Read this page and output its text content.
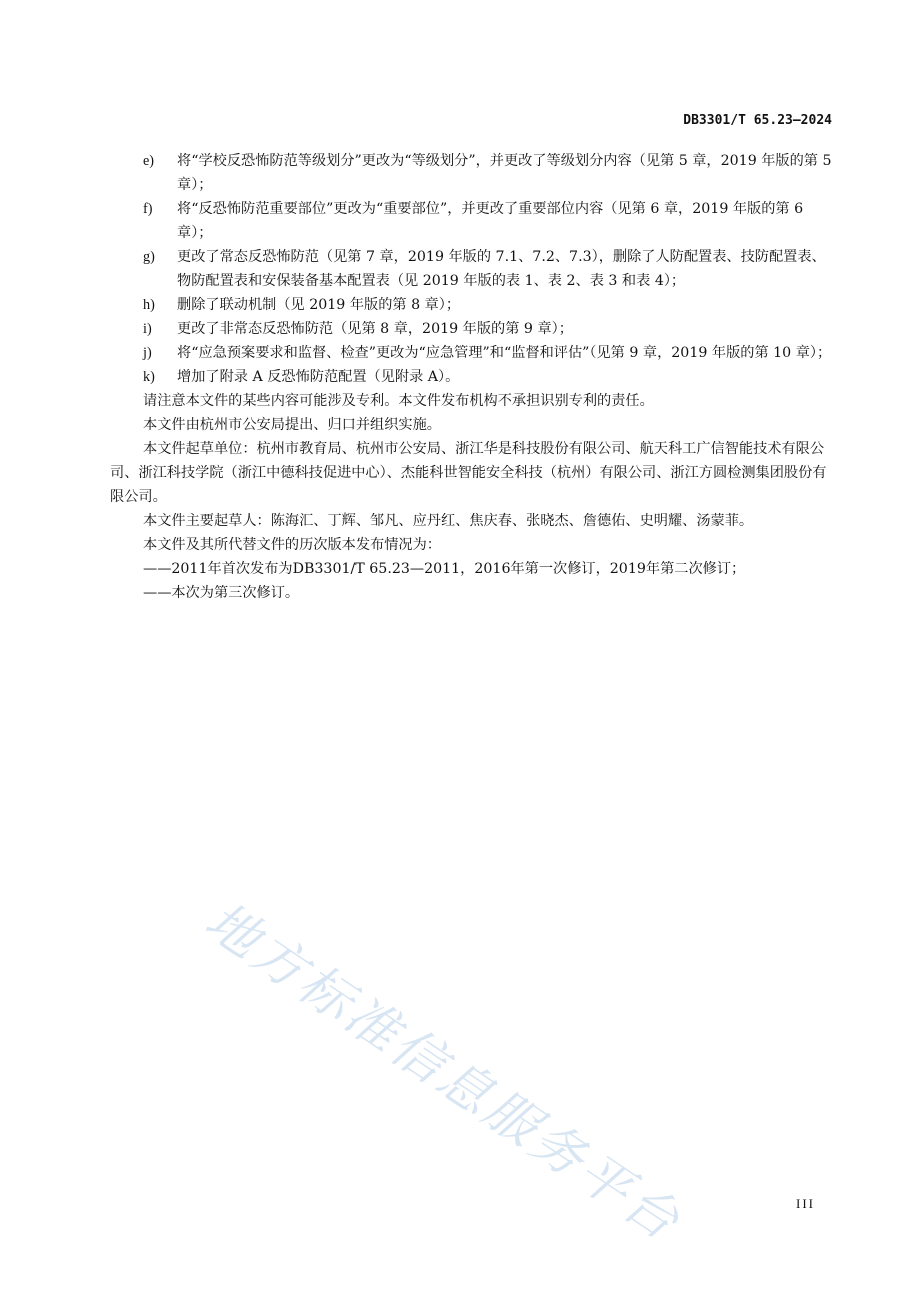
DB3301/T 65.23—2024
e)	将“学校反恐怖防范等级划分”更改为“等级划分”，并更改了等级划分内容（见第 5 章，2019 年版的第 5 章）；
f)	将“反恐怖防范重要部位”更改为“重要部位”，并更改了重要部位内容（见第 6 章，2019 年版的第 6 章）；
g)	更改了常态反恐怖防范（见第 7 章，2019 年版的 7.1、7.2、7.3），删除了人防配置表、技防配置表、物防配置表和安保装备基本配置表（见 2019 年版的表 1、表 2、表 3 和表 4）；
h)	删除了联动机制（见 2019 年版的第 8 章）；
i)	更改了非常态反恐怖防范（见第 8 章，2019 年版的第 9 章）；
j)	将“应急预案要求和监督、检查”更改为“应急管理”和“监督和评估”（见第 9 章，2019 年版的第 10 章）；
k)	增加了附录 A 反恐怖防范配置（见附录 A）。

请注意本文件的某些内容可能涉及专利。本文件发布机构不承担识别专利的责任。

本文件由杭州市公安局提出、归口并组织实施。

本文件起草单位：杭州市教育局、杭州市公安局、浙江华是科技股份有限公司、航天科工广信智能技术有限公司、浙江科技学院（浙江中德科技促进中心）、杰能科世智能安全科技（杭州）有限公司、浙江方圆检测集团股份有限公司。

本文件主要起草人：陈海汇、丁辉、邹凡、应丹红、焦庆春、张晓杰、詹德佑、史明耀、汤蒙菲。

本文件及其所代替文件的历次版本发布情况为：

——2011年首次发布为DB3301/T 65.23—2011，2016年第一次修订，2019年第二次修订；

——本次为第三次修订。

地方标准信息服务平台	III
